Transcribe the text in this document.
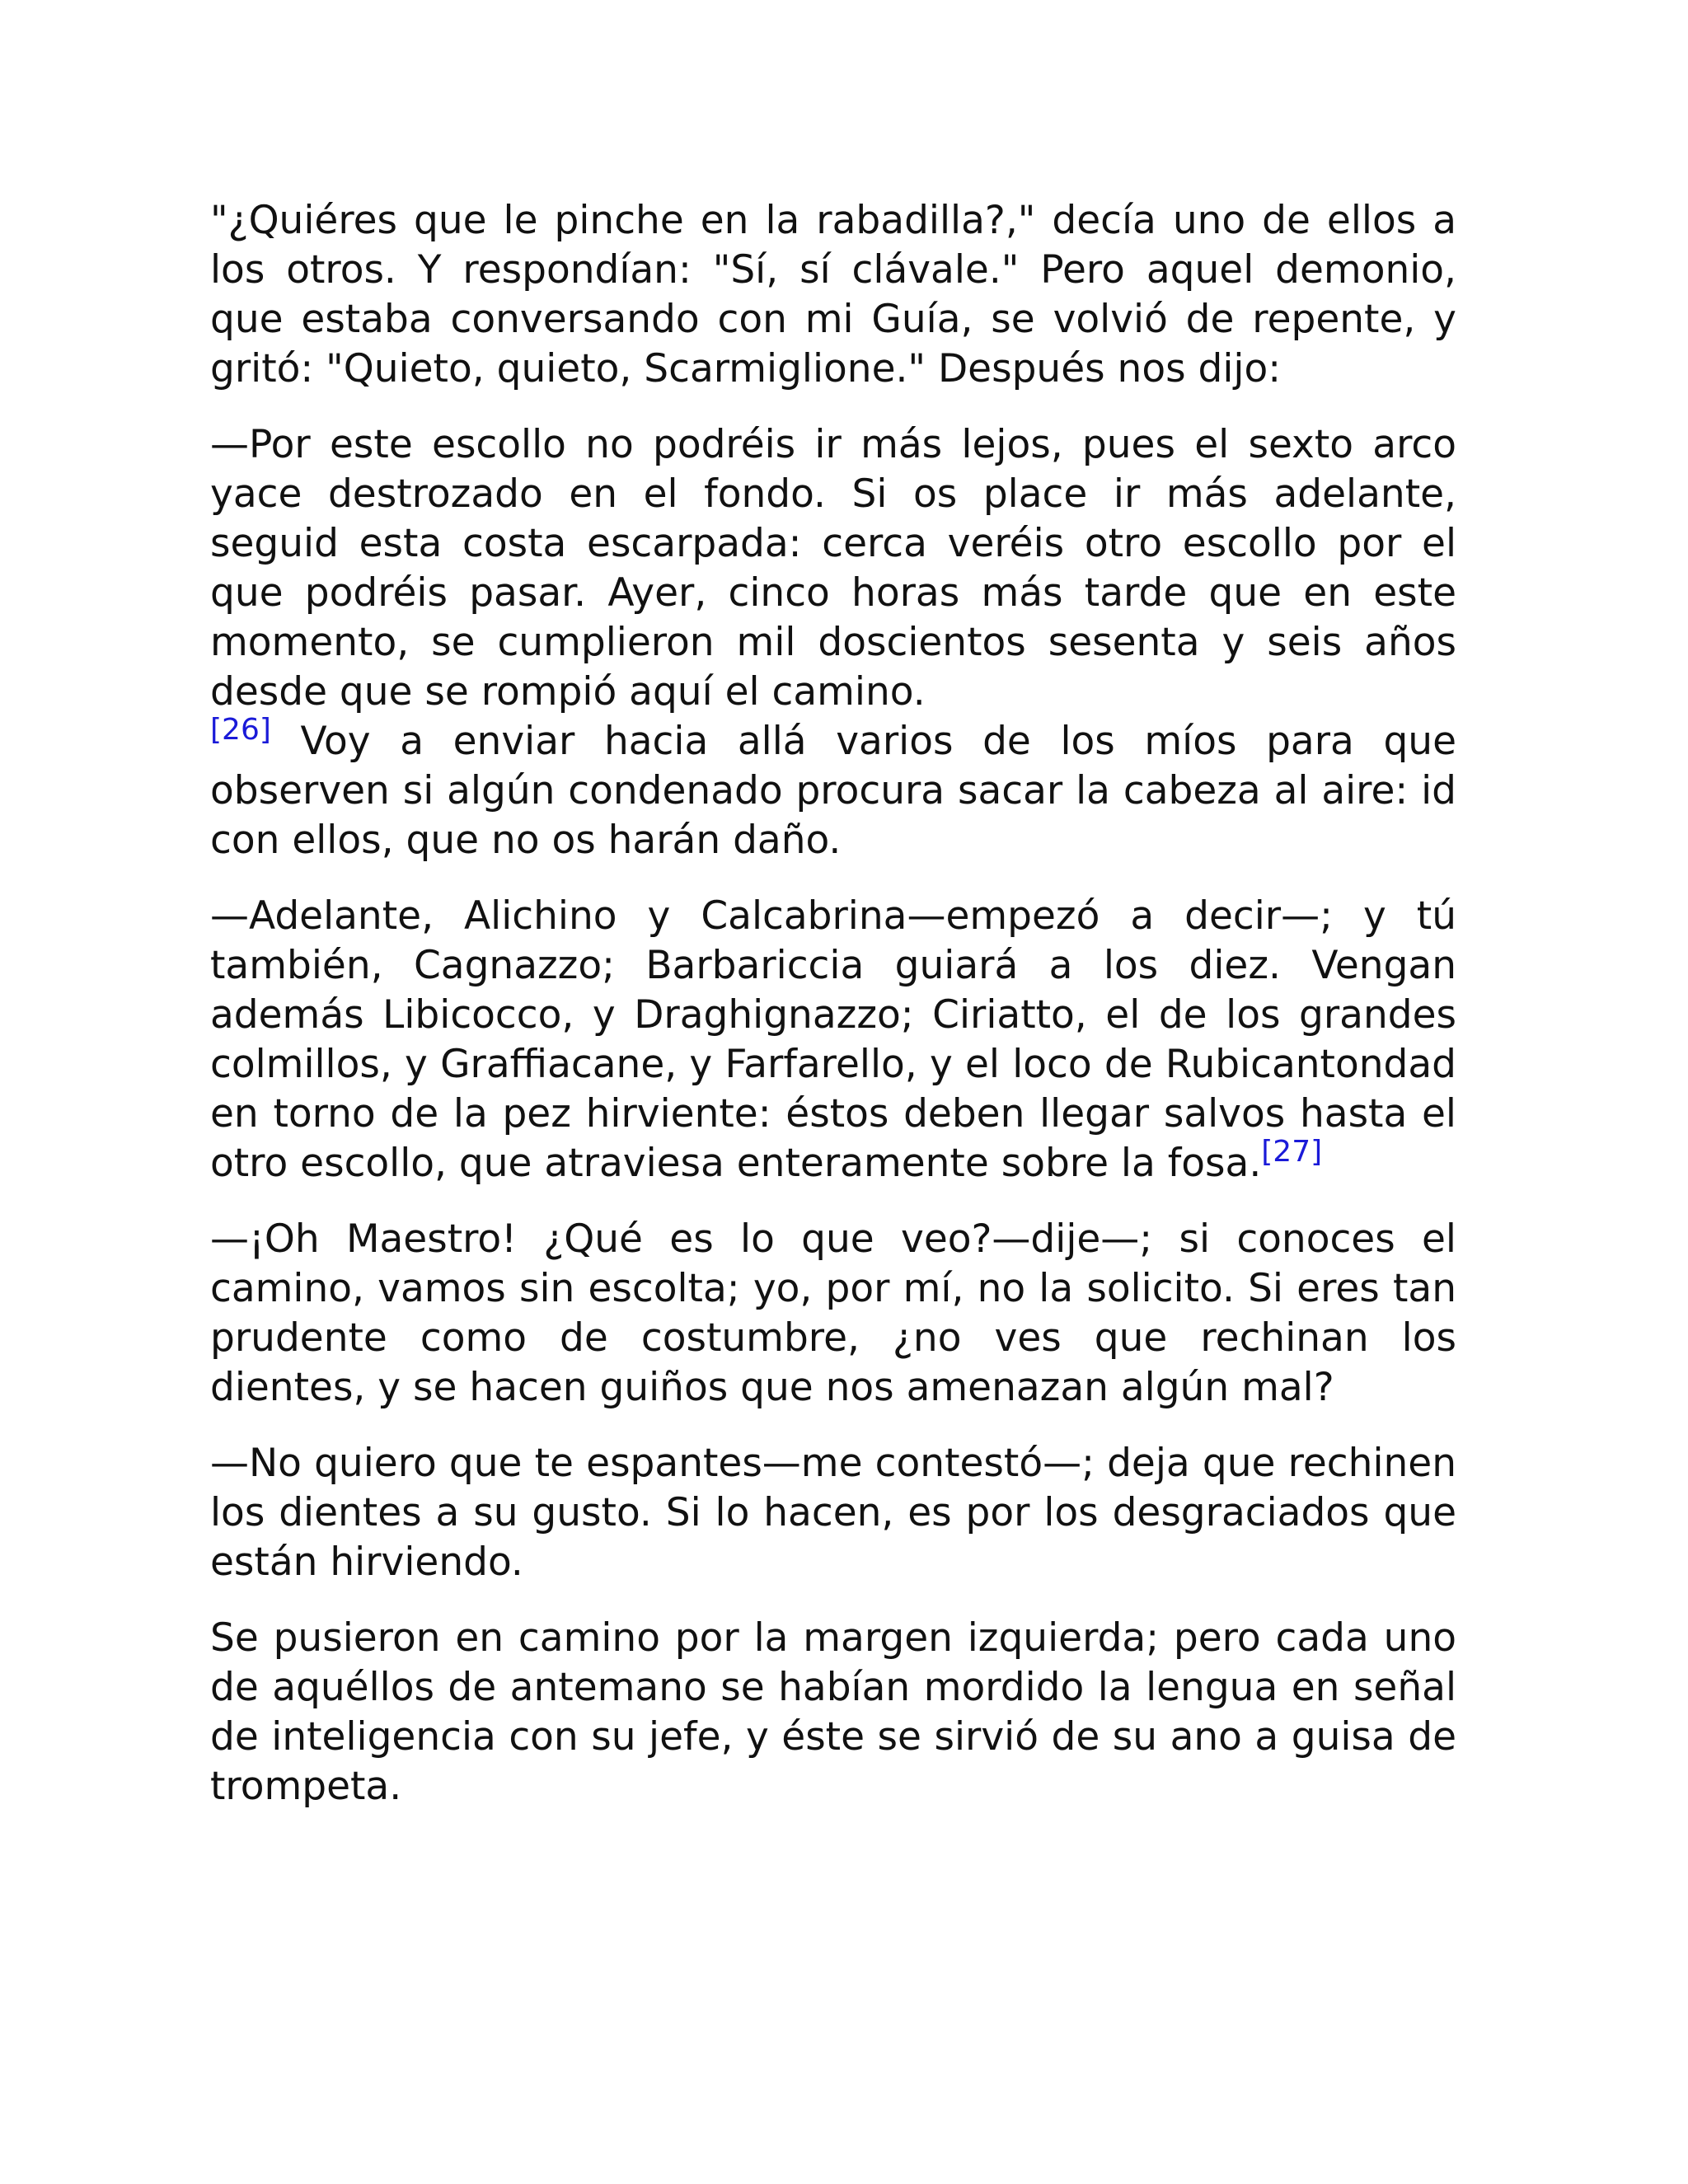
"¿Quiéres que le pinche en la rabadilla?," decía uno de ellos a los otros. Y respondían: "Sí, sí clávale." Pero aquel demonio, que estaba conversando con mi Guía, se volvió de repente, y gritó: "Quieto, quieto, Scarmiglione." Después nos dijo:

—Por este escollo no podréis ir más lejos, pues el sexto arco yace destrozado en el fondo. Si os place ir más adelante, seguid esta costa escarpada: cerca veréis otro escollo por el que podréis pasar. Ayer, cinco horas más tarde que en este momento, se cumplieron mil doscientos sesenta y seis años desde que se rompió aquí el camino.
[26] Voy a enviar hacia allá varios de los míos para que observen si algún condenado procura sacar la cabeza al aire: id con ellos, que no os harán daño.

—Adelante, Alichino y Calcabrina—empezó a decir—; y tú también, Cagnazzo; Barbariccia guiará a los diez. Vengan además Libicocco, y Draghignazzo; Ciriatto, el de los grandes colmillos, y Graffiacane, y Farfarello, y el loco de Rubicantondad en torno de la pez hirviente: éstos deben llegar salvos hasta el otro escollo, que atraviesa enteramente sobre la fosa.[27]

—¡Oh Maestro! ¿Qué es lo que veo?—dije—; si conoces el camino, vamos sin escolta; yo, por mí, no la solicito. Si eres tan prudente como de costumbre, ¿no ves que rechinan los dientes, y se hacen guiños que nos amenazan algún mal?

—No quiero que te espantes—me contestó—; deja que rechinen los dientes a su gusto. Si lo hacen, es por los desgraciados que están hirviendo.

Se pusieron en camino por la margen izquierda; pero cada uno de aquéllos de antemano se habían mordido la lengua en señal de inteligencia con su jefe, y éste se sirvió de su ano a guisa de trompeta.
